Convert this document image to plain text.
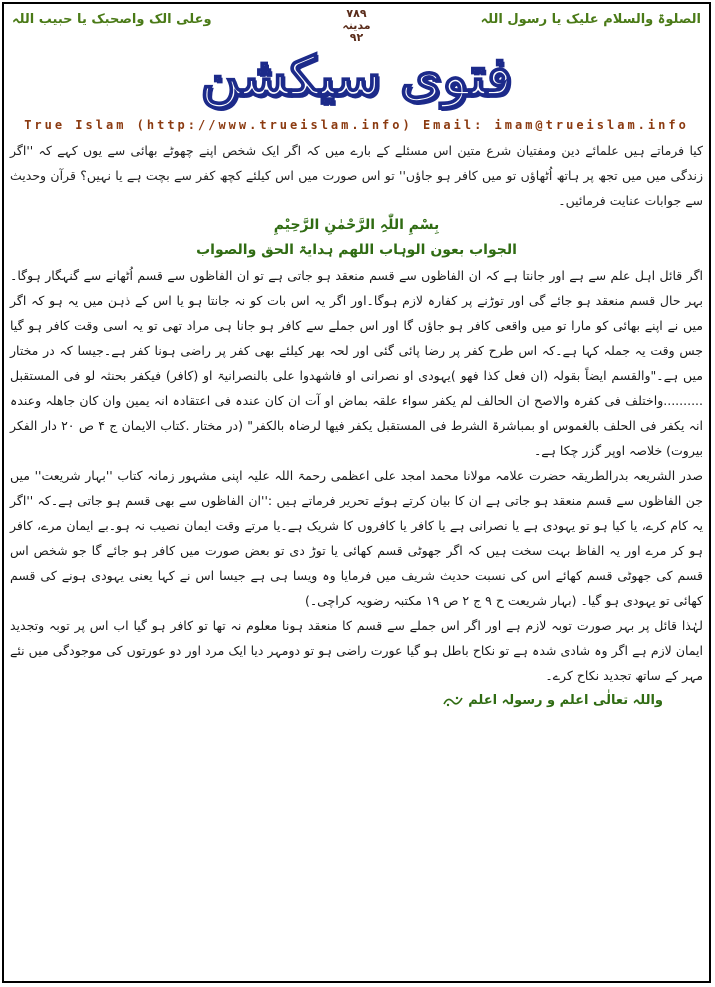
الصلوۃ والسلام علیک یا رسول اللہ
۷۸۹
مدینہ
۹۲
وعلی الک واصحبک یا حبیب اللہ
فتوی سیکشن
True Islam (http://www.trueislam.info) Email: imam@trueislam.info

کیا فرماتے ہیں علمائے دین ومفتیان شرع متین اس مسئلے کے بارے میں کہ اگر ایک شخص اپنے چھوٹے بھائی سے یوں کہے کہ ''اگر زندگی میں میں تجھ پر ہاتھ اُٹھاؤں تو میں کافر ہو جاؤں'' تو اس صورت میں اس کیلئے کچھ کفر سے بچت ہے یا نہیں؟ قرآن وحدیث سے جوابات عنایت فرمائیں۔

بِسْمِ اللّٰہِ الرَّحْمٰنِ الرَّحِیْمِ

الجواب بعون الوہاب اللھم ہدایۃ الحق والصواب

اگر قائل اہل علم سے ہے اور جانتا ہے کہ ان الفاظوں سے قسم منعقد ہو جاتی ہے تو ان الفاظوں سے قسم اُٹھانے سے گنہگار ہوگا۔بہر حال قسم منعقد ہو جائے گی اور توڑنے پر کفارہ لازم ہوگا۔اور اگر یہ اس بات کو نہ جانتا ہو یا اس کے ذہن میں یہ ہو کہ اگر میں نے اپنے بھائی کو مارا تو میں واقعی کافر ہو جاؤں گا اور اس جملے سے کافر ہو جانا ہی مراد تھی تو یہ اسی وقت کافر ہو گیا جس وقت یہ جملہ کہا ہے۔کہ اس طرح کفر پر رضا پائی گئی اور لحہ بھر کیلئے بھی کفر پر راضی ہونا کفر ہے۔جیسا کہ در مختار میں ہے۔"والقسم ایضاً بقولہ (ان فعل کذا فھو )یہودی او نصرانی او فاشھدوا علی بالنصرانیۃ او (کافر) فیکفر بحنثہ لو فی المستقبل ..........واختلف فی کفرہ والاصح ان الحالف لم یکفر سواء علقہ بماض او آت ان کان عندہ فی اعتقادہ انہ یمین وان کان جاھلہ وعندہ انہ یکفر فی الحلف بالغموس او بمباشرۃ الشرط فی المستقبل یکفر فیھا لرضاہ بالکفر" (در مختار .کتاب الایمان ج ۴ ص ۲۰ دار الفکر بیروت) خلاصہ اوپر گزر چکا ہے۔

صدر الشریعہ بدرالطریقہ حضرت علامہ مولانا محمد امجد علی اعظمی رحمۃ اللہ علیہ اپنی مشہور زمانہ کتاب ''بہار شریعت'' میں جن الفاظوں سے قسم منعقد ہو جاتی ہے ان کا بیان کرتے ہوئے تحریر فرماتے ہیں :''ان الفاظوں سے بھی قسم ہو جاتی ہے۔کہ ''اگر یہ کام کرے، یا کیا ہو تو یہودی ہے یا نصرانی ہے یا کافر یا کافروں کا شریک ہے۔یا مرتے وقت ایمان نصیب نہ ہو۔بے ایمان مرے، کافر ہو کر مرے اور یہ الفاظ بہت سخت ہیں کہ اگر جھوٹی قسم کھائی یا توڑ دی تو بعض صورت میں کافر ہو جائے گا جو شخص اس قسم کی جھوٹی قسم کھائے اس کی نسبت حدیث شریف میں فرمایا وہ ویسا ہی ہے جیسا اس نے کہا یعنی یہودی ہونے کی قسم کھائی تو یہودی ہو گیا۔ (بہار شریعت ح ۹ ج ۲ ص ۱۹ مکتبہ رضویہ کراچی۔)

لہٰذا قائل پر بہر صورت توبہ لازم ہے اور اگر اس جملے سے قسم کا منعقد ہونا معلوم نہ تھا تو کافر ہو گیا اب اس پر توبہ وتجدید ایمان لازم ہے اگر وہ شادی شدہ ہے تو نکاح باطل ہو گیا عورت راضی ہو تو دومہر دیا ایک مرد اور دو عورتوں کی موجودگی میں نئے مہر کے ساتھ تجدید نکاح کرے۔

واللہ تعالٰی اعلم و رسولہ اعلم
